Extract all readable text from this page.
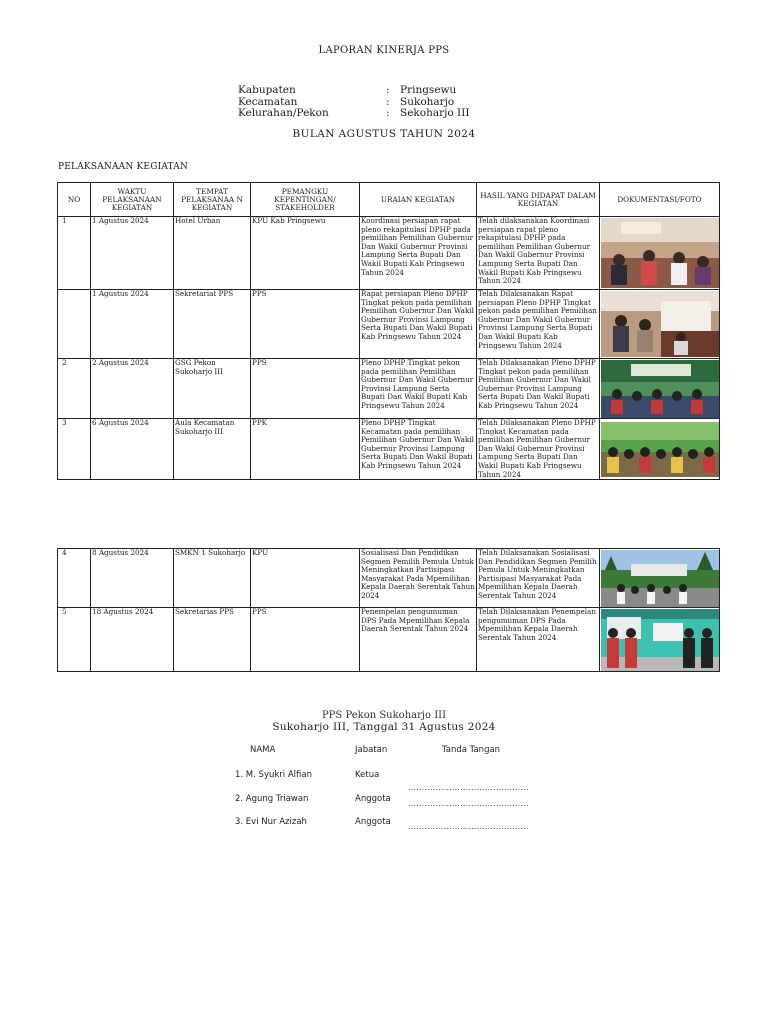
LAPORAN KINERJA PPS
Kabupaten	: Pringsewu
Kecamatan	: Sukoharjo
Kelurahan/Pekon	: Sekoharjo III
BULAN AGUSTUS TAHUN 2024
PELAKSANAAN KEGIATAN
NO	WAKTU PELAKSANAAN KEGIATAN	TEMPAT PELAKSANAA N KEGIATAN	PEMANGKU KEPENTINGAN/ STAKEHOLDER	URAIAN KEGIATAN	HASIL YANG DIDAPAT DALAM KEGIATAN	DOKUMENTASI/FOTO
1	1 Agustus 2024	Hotel Urban	KPU Kab Pringsewu	Koordinasi persiapan rapat pleno rekapitulasi DPHP pada pemilihan Pemilihan Gubernur Dan Wakil Gubernur Provinsi Lampung Serta Bupati Dan Wakil Bupati Kab Pringsewu Tahun 2024	Telah dilaksanakan Koordinasi persiapan rapat pleno rekapitulasi DPHP pada pemilihan Pemilihan Gubernur Dan Wakil Gubernur Provinsi Lampung Serta Bupati Dan Wakil Bupati Kab Pringsewu Tahun 2024	

	1 Agustus 2024	Sekretariat PPS	PPS	Rapat persiapan Pleno DPHP Tingkat pekon pada pemilihan Pemilihan Gubernur Dan Wakil Gubernur Provinsi Lampung Serta Bupati Dan Wakil Bupati Kab Pringsewu Tahun 2024	Telah Dilaksanakan Rapat persiapan Pleno DPHP Tingkat pekon pada pemilihan Pemilihan Gubernur Dan Wakil Gubernur Provinsi Lampung Serta Bupati Dan Wakil Bupati Kab Pringsewu Tahun 2024	

2	2 Agustus 2024	GSG Pekon Sukoharjo III	PPS	Pleno DPHP Tingkat pekon pada pemilihan Pemilihan Gubernur Dan Wakil Gubernur Provinsi Lampung Serta Bupati Dan Wakil Bupati Kab Pringsewu Tahun 2024	Telah Dilaksanakan Pleno DPHP Tingkat pekon pada pemilihan Pemilihan Gubernur Dan Wakil Gubernur Provinsi Lampung Serta Bupati Dan Wakil Bupati Kab Pringsewu Tahun 2024	

3	6 Agustus 2024	Aula Kecamatan Sukoharjo III	PPK	Pleno DPHP Tingkat Kecamatan pada pemilihan Pemilihan Gubernur Dan Wakil Gubernur Provinsi Lampung Serta Bupati Dan Wakil Bupati Kab Pringsewu Tahun 2024	Telah Dilaksanakan Pleno DPHP Tingkat Kecamatan pada pemilihan Pemilihan Gubernur Dan Wakil Gubernur Provinsi Lampung Serta Bupati Dan Wakil Bupati Kab Pringsewu Tahun 2024	
4	8 Agustus 2024	SMKN 1 Sukoharjo	KPU	Sosialisasi Dan Pendidikan Segmen Pemilih Pemula Untuk Meningkatkan Partisipasi Masyarakat Pada Mpemilihan Kepala Daerah Serentak Tahun 2024	Telah Dilaksanakan Sosialisasi Dan Pendidikan Segmen Pemilih Pemula Untuk Meningkatkan Partisipasi Masyarakat Pada Mpemilihan Kepala Daerah Serentak Tahun 2024	

5	18 Agustus 2024	Sekretarias PPS	PPS	Penempelan pengumuman DPS Pada Mpemilihan Kepala Daerah Serentak Tahun 2024	Telah Dilaksanakan Penempelan pengumuman DPS Pada Mpemilihan Kepala Daerah Serentak Tahun 2024	
PPS Pekon Sukoharjo III
Sukoharjo III, Tanggal 31 Agustus 2024
NAMA	Jabatan	Tanda Tangan
1. M. Syukri Alfian	Ketua
............................................
2. Agung Triawan	Anggota ............................................
3. Evi Nur Azizah	Anggota ............................................
